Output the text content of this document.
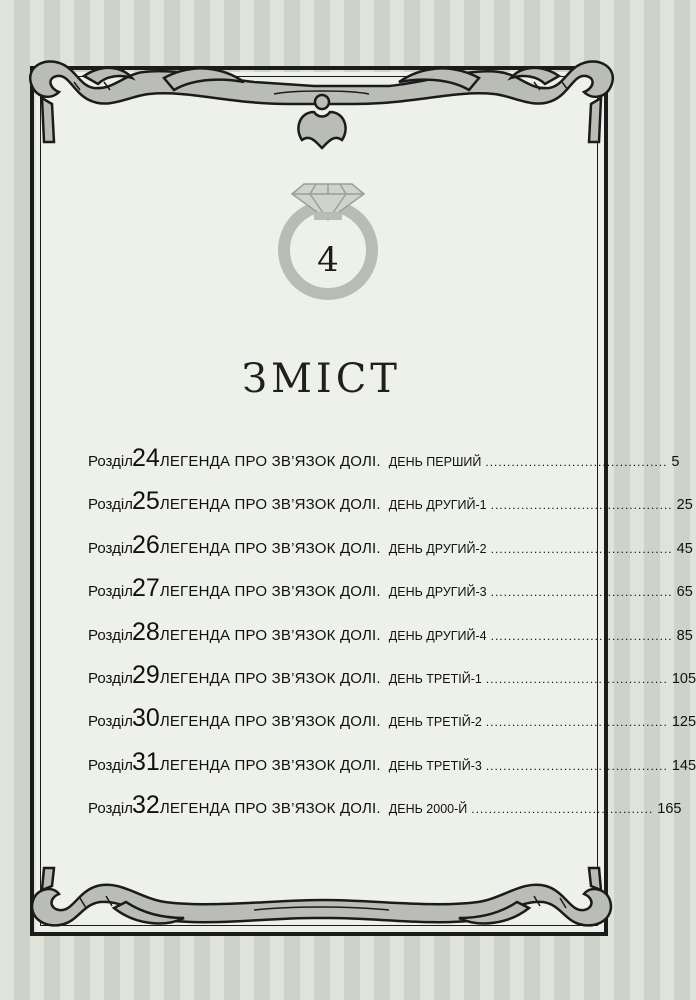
4
ЗМІСТ
Розділ 24 ЛЕГЕНДА ПРО ЗВ’ЯЗОК ДОЛІ. ДЕНЬ ПЕРШИЙ .......................................... 5
Розділ 25 ЛЕГЕНДА ПРО ЗВ’ЯЗОК ДОЛІ. ДЕНЬ ДРУГИЙ-1 .......................................... 25
Розділ 26 ЛЕГЕНДА ПРО ЗВ’ЯЗОК ДОЛІ. ДЕНЬ ДРУГИЙ-2 .......................................... 45
Розділ 27 ЛЕГЕНДА ПРО ЗВ’ЯЗОК ДОЛІ. ДЕНЬ ДРУГИЙ-3 .......................................... 65
Розділ 28 ЛЕГЕНДА ПРО ЗВ’ЯЗОК ДОЛІ. ДЕНЬ ДРУГИЙ-4 .......................................... 85
Розділ 29 ЛЕГЕНДА ПРО ЗВ’ЯЗОК ДОЛІ. ДЕНЬ ТРЕТІЙ-1 .......................................... 105
Розділ 30 ЛЕГЕНДА ПРО ЗВ’ЯЗОК ДОЛІ. ДЕНЬ ТРЕТІЙ-2 .......................................... 125
Розділ 31 ЛЕГЕНДА ПРО ЗВ’ЯЗОК ДОЛІ. ДЕНЬ ТРЕТІЙ-3 .......................................... 145
Розділ 32 ЛЕГЕНДА ПРО ЗВ’ЯЗОК ДОЛІ. ДЕНЬ 2000-Й .......................................... 165
